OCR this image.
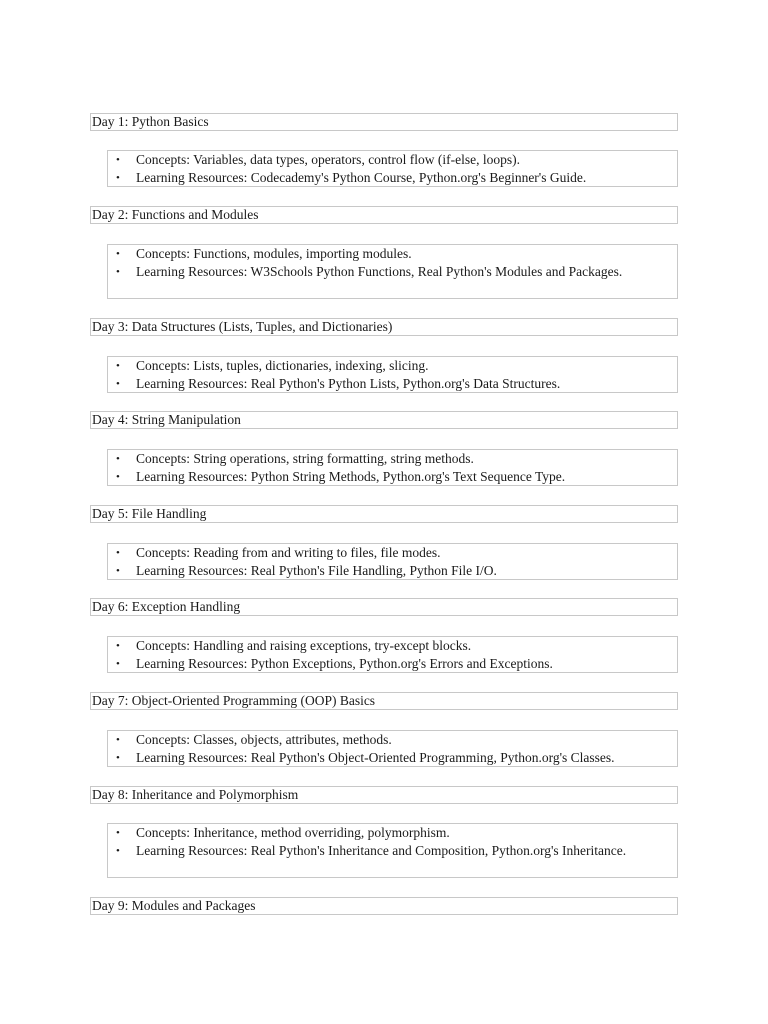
Day 1: Python Basics
• Concepts: Variables, data types, operators, control flow (if-else, loops).
• Learning Resources: Codecademy's Python Course, Python.org's Beginner's Guide.
Day 2: Functions and Modules
• Concepts: Functions, modules, importing modules.
• Learning Resources: W3Schools Python Functions, Real Python's Modules and Packages.
Day 3: Data Structures (Lists, Tuples, and Dictionaries)
• Concepts: Lists, tuples, dictionaries, indexing, slicing.
• Learning Resources: Real Python's Python Lists, Python.org's Data Structures.
Day 4: String Manipulation
• Concepts: String operations, string formatting, string methods.
• Learning Resources: Python String Methods, Python.org's Text Sequence Type.
Day 5: File Handling
• Concepts: Reading from and writing to files, file modes.
• Learning Resources: Real Python's File Handling, Python File I/O.
Day 6: Exception Handling
• Concepts: Handling and raising exceptions, try-except blocks.
• Learning Resources: Python Exceptions, Python.org's Errors and Exceptions.
Day 7: Object-Oriented Programming (OOP) Basics
• Concepts: Classes, objects, attributes, methods.
• Learning Resources: Real Python's Object-Oriented Programming, Python.org's Classes.
Day 8: Inheritance and Polymorphism
• Concepts: Inheritance, method overriding, polymorphism.
• Learning Resources: Real Python's Inheritance and Composition, Python.org's Inheritance.
Day 9: Modules and Packages
